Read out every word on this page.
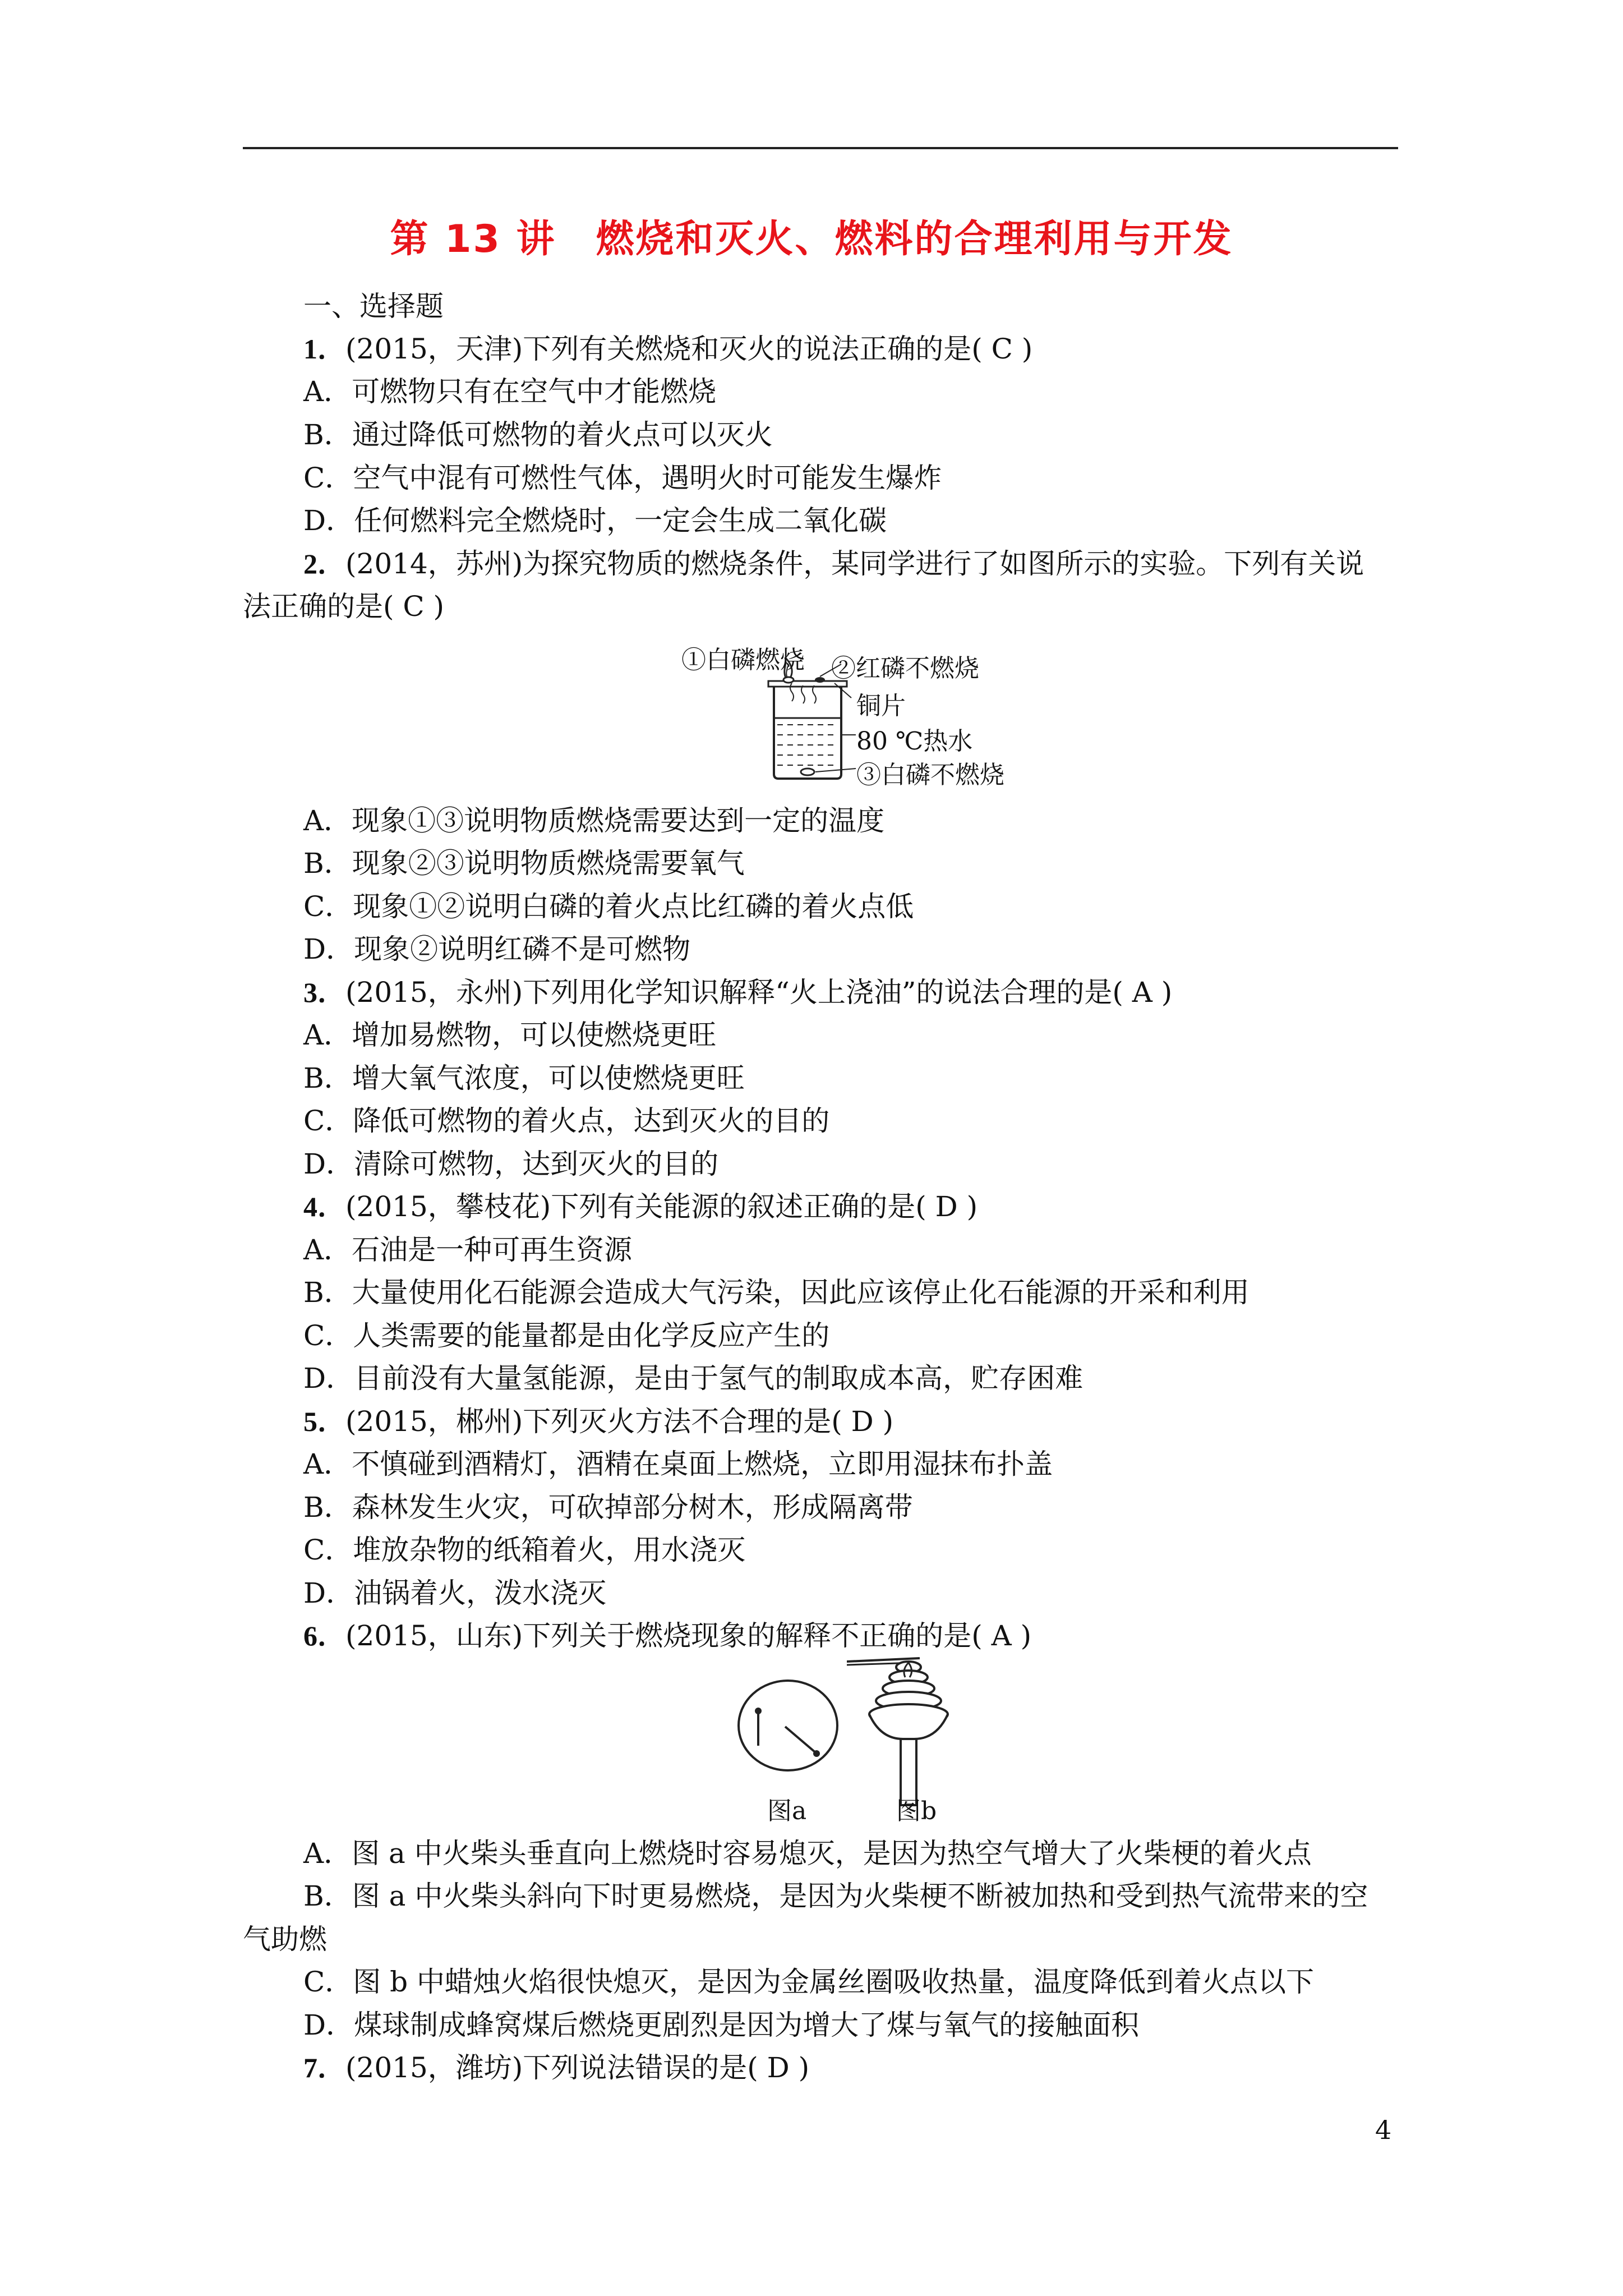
第 13 讲　燃烧和灭火、燃料的合理利用与开发
一、选择题
1．(2015，天津)下列有关燃烧和灭火的说法正确的是( C )
A．可燃物只有在空气中才能燃烧
B．通过降低可燃物的着火点可以灭火
C．空气中混有可燃性气体，遇明火时可能发生爆炸
D．任何燃料完全燃烧时，一定会生成二氧化碳
2．(2014，苏州)为探究物质的燃烧条件，某同学进行了如图所示的实验。下列有关说
法正确的是( C )
①白磷燃烧 ②红磷不燃烧
铜片
80 ℃热水
③白磷不燃烧
A．现象①③说明物质燃烧需要达到一定的温度
B．现象②③说明物质燃烧需要氧气
C．现象①②说明白磷的着火点比红磷的着火点低
D．现象②说明红磷不是可燃物
3．(2015，永州)下列用化学知识解释“火上浇油”的说法合理的是( A )
A．增加易燃物，可以使燃烧更旺
B．增大氧气浓度，可以使燃烧更旺
C．降低可燃物的着火点，达到灭火的目的
D．清除可燃物，达到灭火的目的
4．(2015，攀枝花)下列有关能源的叙述正确的是( D )
A．石油是一种可再生资源
B．大量使用化石能源会造成大气污染，因此应该停止化石能源的开采和利用
C．人类需要的能量都是由化学反应产生的
D．目前没有大量氢能源，是由于氢气的制取成本高，贮存困难
5．(2015，郴州)下列灭火方法不合理的是( D )
A．不慎碰到酒精灯，酒精在桌面上燃烧，立即用湿抹布扑盖
B．森林发生火灾，可砍掉部分树木，形成隔离带
C．堆放杂物的纸箱着火，用水浇灭
D．油锅着火，泼水浇灭
6．(2015，山东)下列关于燃烧现象的解释不正确的是( A )
图a	图b
A．图 a 中火柴头垂直向上燃烧时容易熄灭，是因为热空气增大了火柴梗的着火点
B．图 a 中火柴头斜向下时更易燃烧，是因为火柴梗不断被加热和受到热气流带来的空
气助燃
C．图 b 中蜡烛火焰很快熄灭，是因为金属丝圈吸收热量，温度降低到着火点以下
D．煤球制成蜂窝煤后燃烧更剧烈是因为增大了煤与氧气的接触面积
7．(2015，潍坊)下列说法错误的是( D )
4
